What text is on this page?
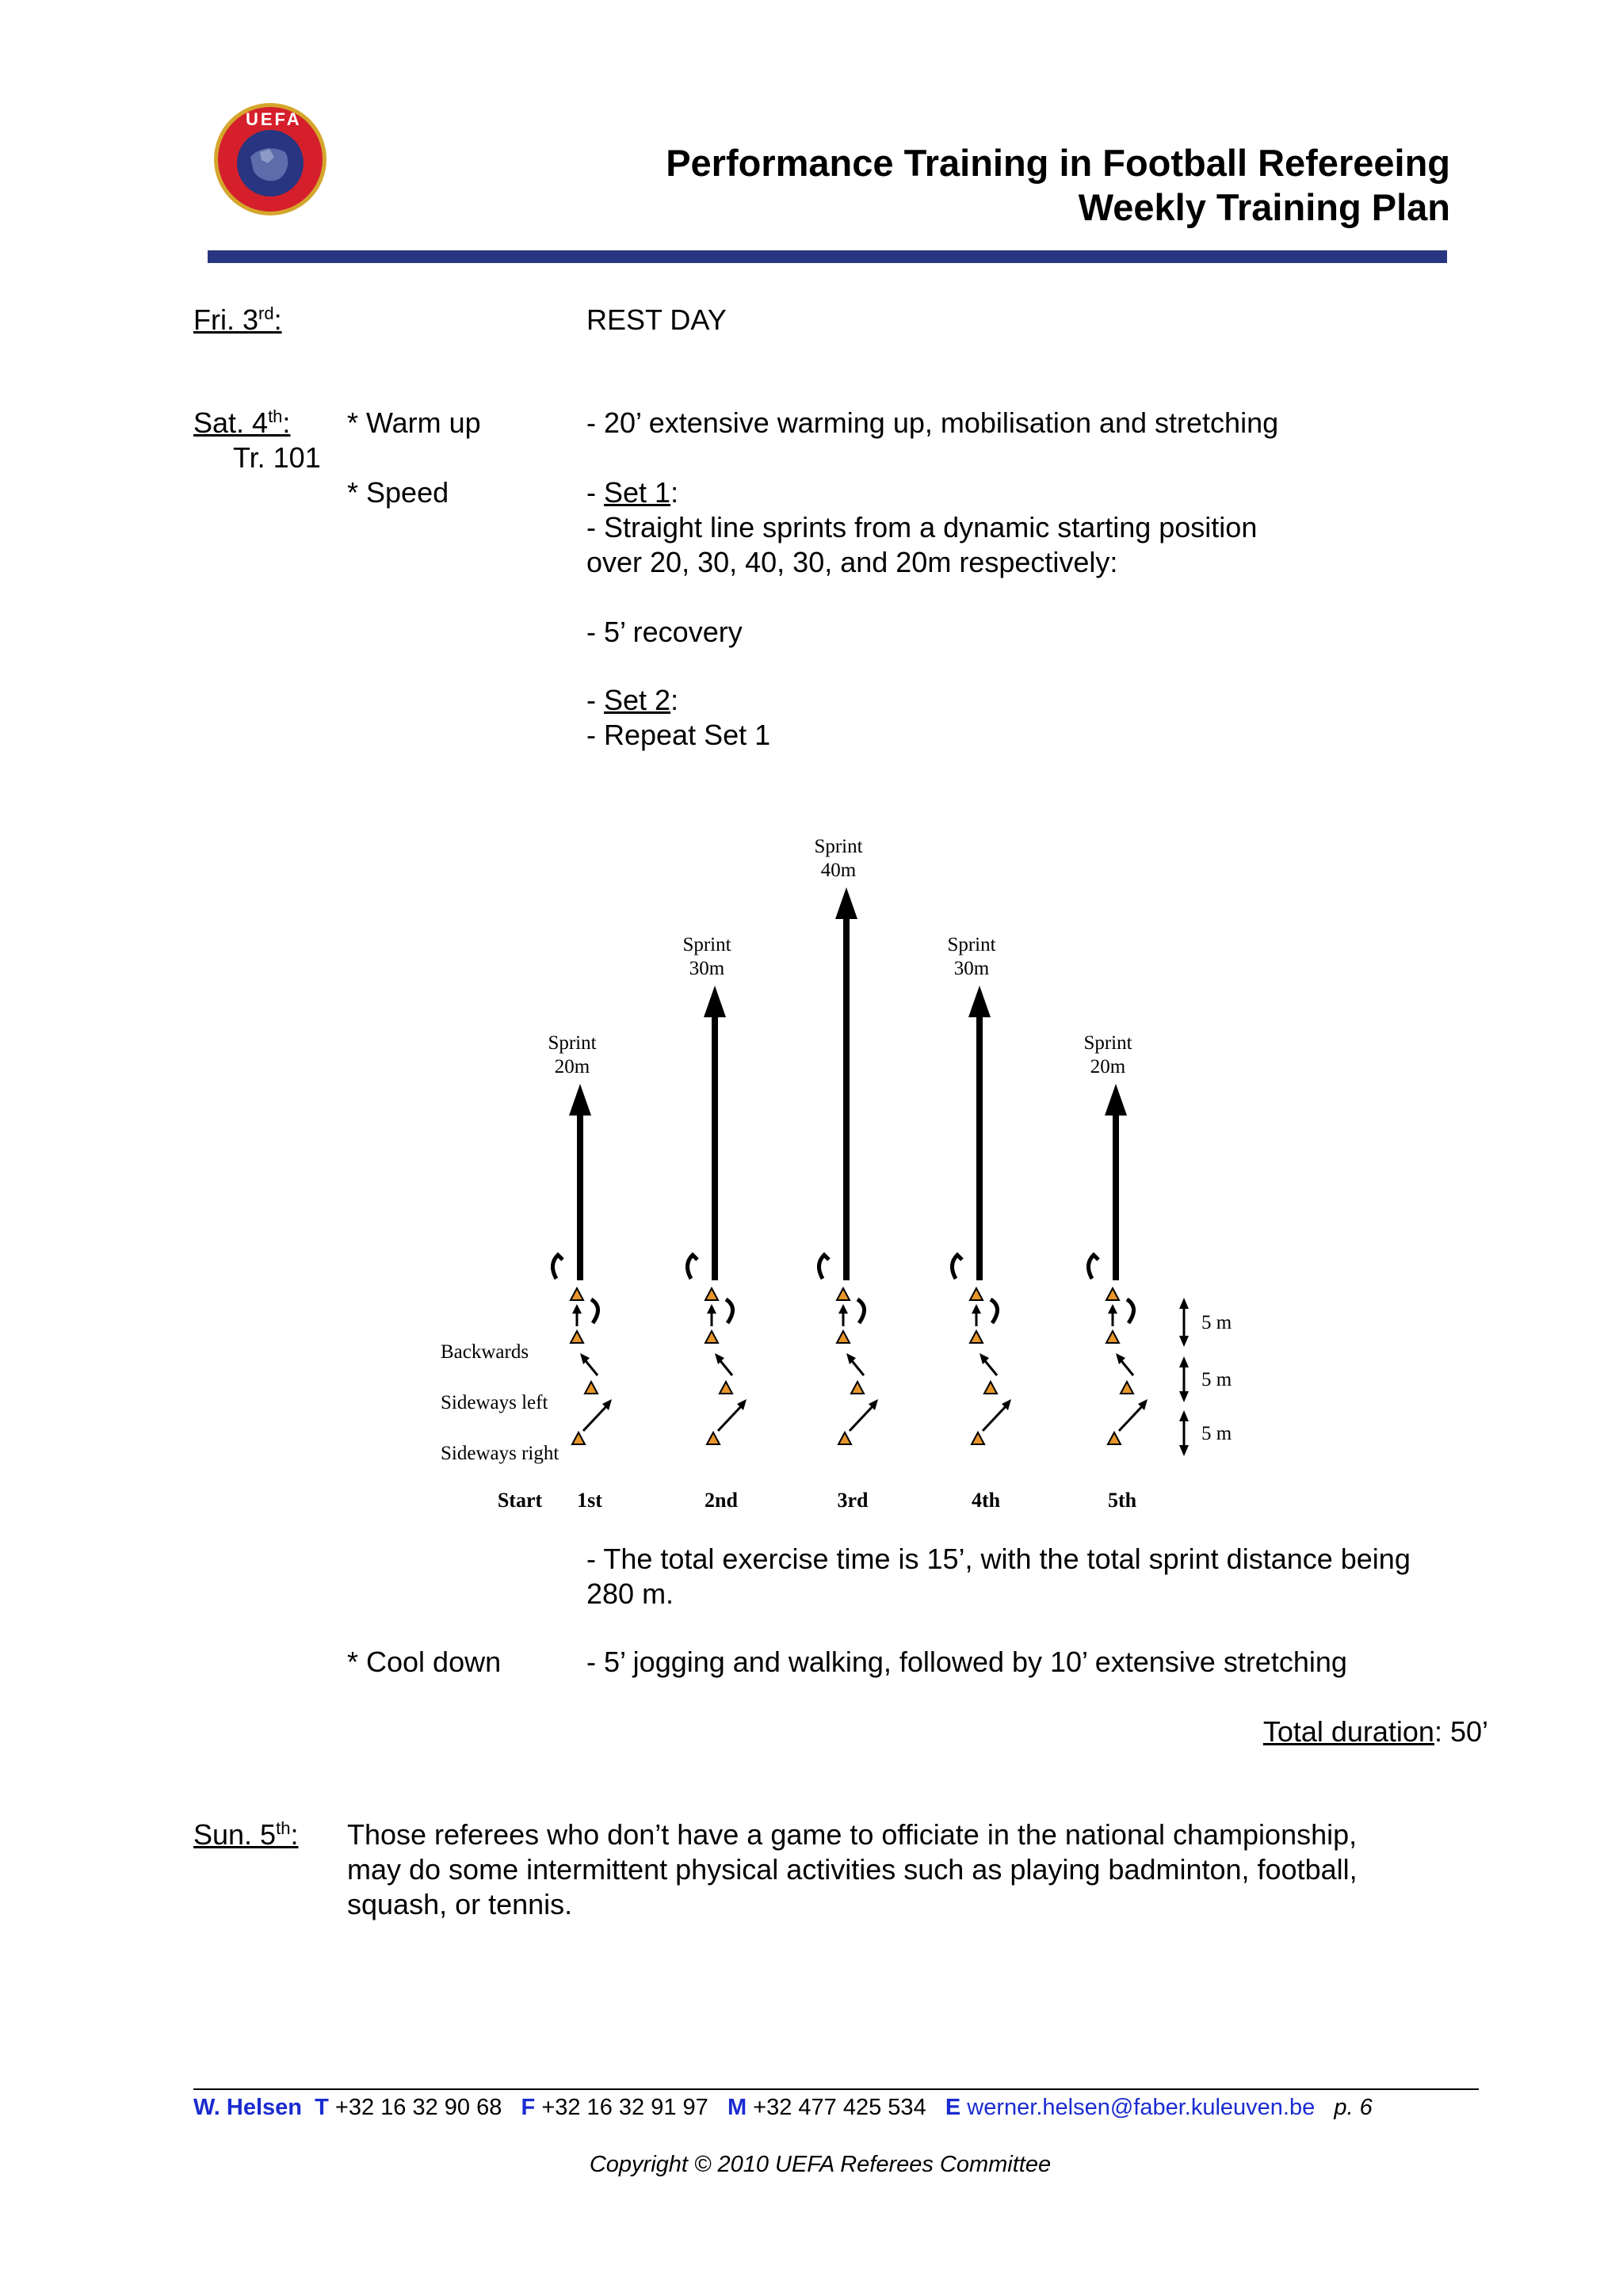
UEFA
Performance Training in Football Refereeing
Weekly Training Plan
Fri. 3rd:	REST DAY
Sat. 4th:
Tr. 101
* Warm up	- 20’ extensive warming up, mobilisation and stretching
* Speed	- Set 1:
- Straight line sprints from a dynamic starting position
over 20, 30, 40, 30, and 20m respectively:
- 5’ recovery
- Set 2:
- Repeat Set 1
Sprint
20m
1st
Sprint
30m
2nd
Sprint
40m
3rd
Sprint
30m
4th
Sprint
20m
5th
Start
Backwards
Sideways left
Sideways right
5 m
5 m
5 m
- The total exercise time is 15’, with the total sprint distance being
280 m.
* Cool down	- 5’ jogging and walking, followed by 10’ extensive stretching
Total duration: 50’
Sun. 5th: Those referees who don’t have a game to officiate in the national championship,
may do some intermittent physical activities such as playing badminton, football,
squash, or tennis.
W. Helsen T +32 16 32 90 68 F +32 16 32 91 97 M +32 477 425 534 E werner.helsen@faber.kuleuven.be p. 6
Copyright © 2010 UEFA Referees Committee
